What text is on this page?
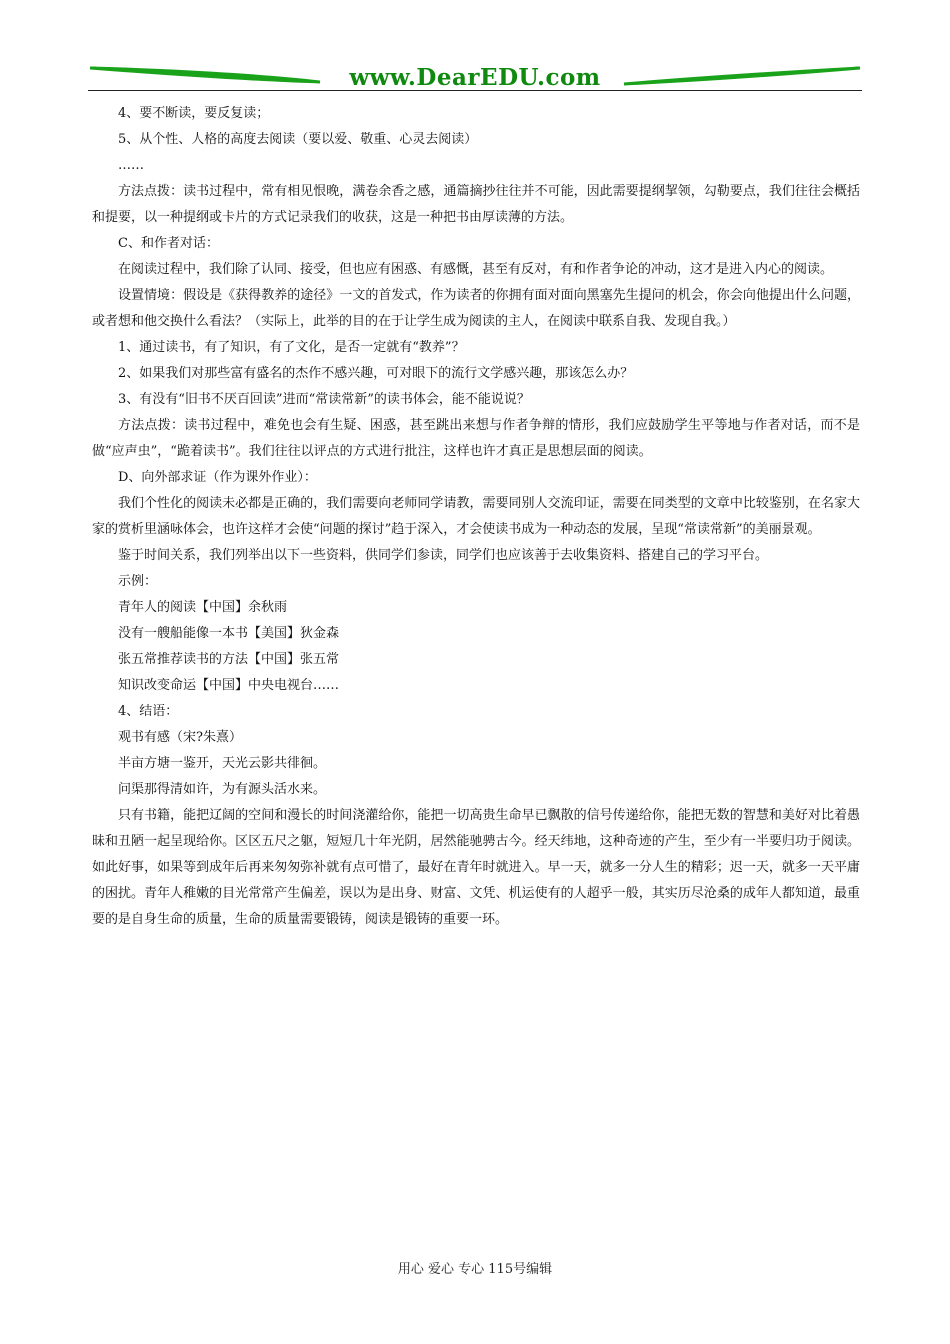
www.DearEDU.com

4、要不断读，要反复读；

5、从个性、人格的高度去阅读（要以爱、敬重、心灵去阅读）

……

方法点拨：读书过程中，常有相见恨晚，满卷余香之感，通篇摘抄往往并不可能，因此需要提纲挈领，勾勒要点，我们往往会概括和提要，以一种提纲或卡片的方式记录我们的收获，这是一种把书由厚读薄的方法。

C、和作者对话：

在阅读过程中，我们除了认同、接受，但也应有困惑、有感慨，甚至有反对，有和作者争论的冲动，这才是进入内心的阅读。

设置情境：假设是《获得教养的途径》一文的首发式，作为读者的你拥有面对面向黑塞先生提问的机会，你会向他提出什么问题，或者想和他交换什么看法？（实际上，此举的目的在于让学生成为阅读的主人，在阅读中联系自我、发现自我。）

1、通过读书，有了知识，有了文化，是否一定就有“教养”？

2、如果我们对那些富有盛名的杰作不感兴趣，可对眼下的流行文学感兴趣，那该怎么办？

3、有没有“旧书不厌百回读”进而“常读常新”的读书体会，能不能说说？

方法点拨：读书过程中，难免也会有生疑、困惑，甚至跳出来想与作者争辩的情形，我们应鼓励学生平等地与作者对话，而不是做“应声虫”，“跪着读书”。我们往往以评点的方式进行批注，这样也许才真正是思想层面的阅读。

D、向外部求证（作为课外作业）：

我们个性化的阅读未必都是正确的，我们需要向老师同学请教，需要同别人交流印证，需要在同类型的文章中比较鉴别，在名家大家的赏析里涵咏体会，也许这样才会使“问题的探讨”趋于深入，才会使读书成为一种动态的发展，呈现“常读常新”的美丽景观。

鉴于时间关系，我们列举出以下一些资料，供同学们参读，同学们也应该善于去收集资料、搭建自己的学习平台。

示例：

青年人的阅读【中国】余秋雨

没有一艘船能像一本书【美国】狄金森

张五常推荐读书的方法【中国】张五常

知识改变命运【中国】中央电视台……

4、结语：

观书有感（宋?朱熹）

半亩方塘一鉴开，天光云影共徘徊。

问渠那得清如许，为有源头活水来。

只有书籍，能把辽阔的空间和漫长的时间浇灌给你，能把一切高贵生命早已飘散的信号传递给你，能把无数的智慧和美好对比着愚昧和丑陋一起呈现给你。区区五尺之躯，短短几十年光阴，居然能驰骋古今。经天纬地，这种奇迹的产生，至少有一半要归功于阅读。如此好事，如果等到成年后再来匆匆弥补就有点可惜了，最好在青年时就进入。早一天，就多一分人生的精彩；迟一天，就多一天平庸的困扰。青年人稚嫩的目光常常产生偏差，误以为是出身、财富、文凭、机运使有的人超乎一般，其实历尽沧桑的成年人都知道，最重要的是自身生命的质量，生命的质量需要锻铸，阅读是锻铸的重要一环。

用心 爱心 专心 115号编辑
